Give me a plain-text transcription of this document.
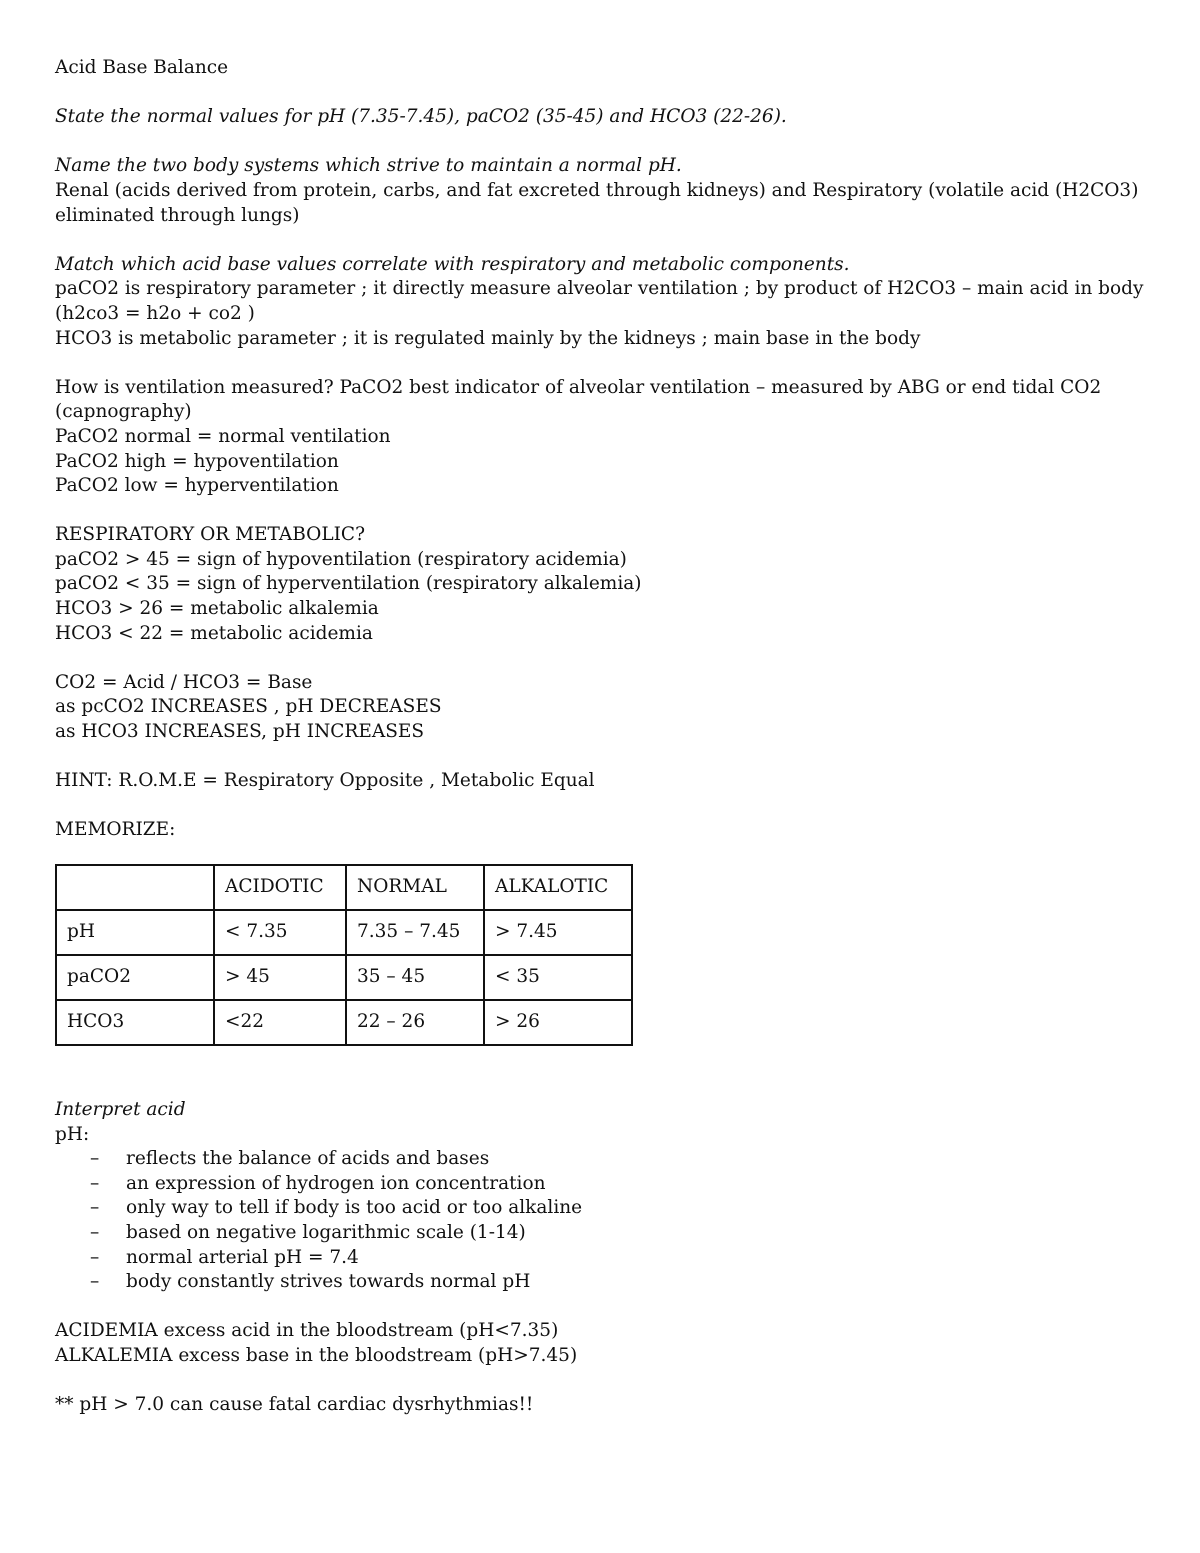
Acid Base Balance
State the normal values for pH (7.35-7.45), paCO2 (35-45) and HCO3 (22-26).
Name the two body systems which strive to maintain a normal pH.
Renal (acids derived from protein, carbs, and fat excreted through kidneys) and Respiratory (volatile acid (H2CO3) eliminated through lungs)
Match which acid base values correlate with respiratory and metabolic components.
paCO2 is respiratory parameter ; it directly measure alveolar ventilation ; by product of H2CO3 – main acid in body (h2co3 = h2o + co2 )
HCO3 is metabolic parameter ; it is regulated mainly by the kidneys ; main base in the body
How is ventilation measured? PaCO2 best indicator of alveolar ventilation – measured by ABG or end tidal CO2 (capnography)
PaCO2 normal = normal ventilation
PaCO2 high = hypoventilation
PaCO2 low = hyperventilation
RESPIRATORY OR METABOLIC?
paCO2 > 45 = sign of hypoventilation (respiratory acidemia)
paCO2 < 35 = sign of hyperventilation (respiratory alkalemia)
HCO3 > 26 = metabolic alkalemia
HCO3 < 22 = metabolic acidemia
CO2 = Acid / HCO3 = Base
as pcCO2 INCREASES , pH DECREASES
as HCO3 INCREASES, pH INCREASES
HINT: R.O.M.E = Respiratory Opposite , Metabolic Equal
MEMORIZE:
	ACIDOTIC	NORMAL	ALKALOTIC
pH	< 7.35	7.35 – 7.45	> 7.45
paCO2	> 45	35 – 45	< 35
HCO3	<22	22 – 26	> 26
Interpret acid
pH:
– reflects the balance of acids and bases
– an expression of hydrogen ion concentration
– only way to tell if body is too acid or too alkaline
– based on negative logarithmic scale (1-14)
– normal arterial pH = 7.4
– body constantly strives towards normal pH
ACIDEMIA excess acid in the bloodstream (pH<7.35)
ALKALEMIA excess base in the bloodstream (pH>7.45)
** pH > 7.0 can cause fatal cardiac dysrhythmias!!
